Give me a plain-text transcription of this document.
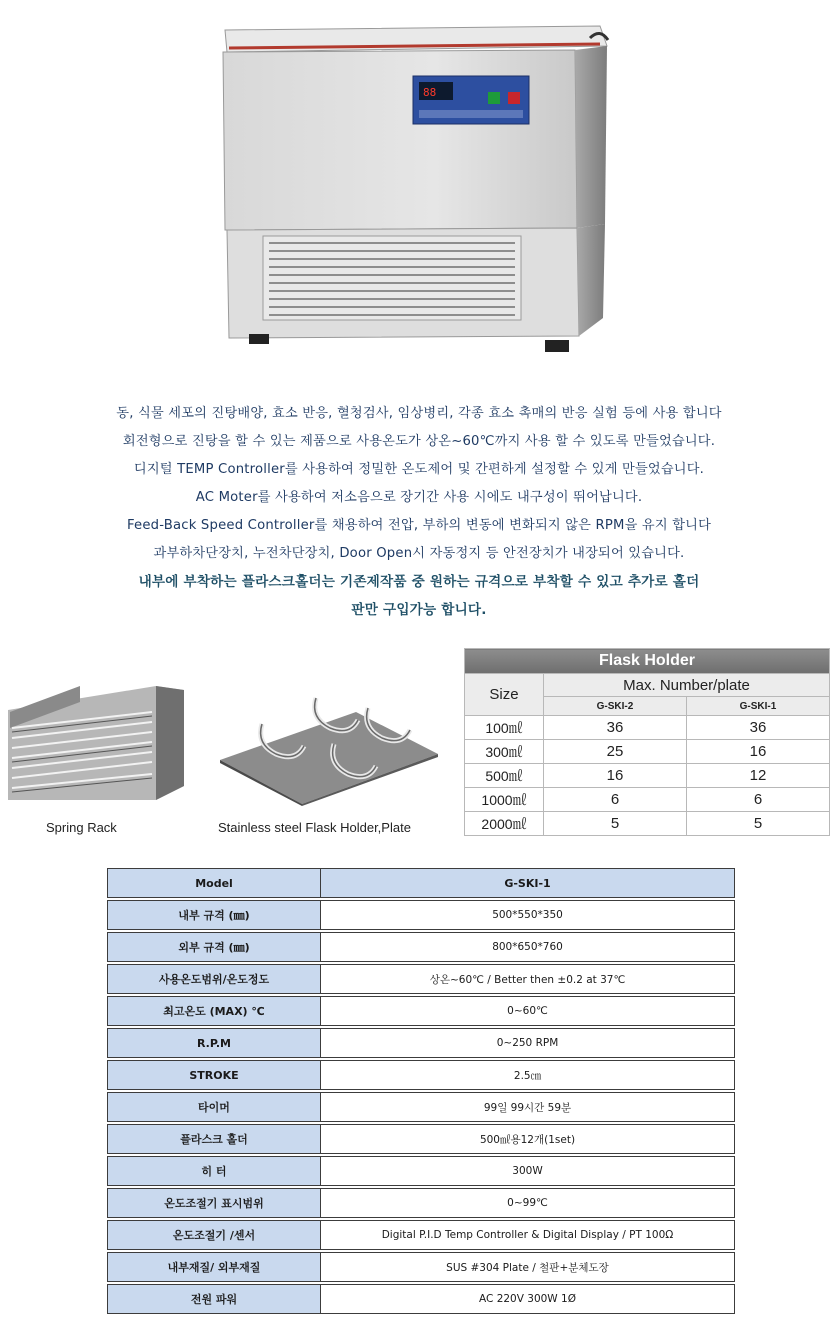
88
동, 식물 세포의 진탕배양, 효소 반응, 혈청검사, 임상병리, 각종 효소 촉매의 반응 실험 등에 사용 합니다
회전형으로 진탕을 할 수 있는 제품으로 사용온도가 상온~60℃까지 사용 할 수 있도록 만들었습니다.
디지털 TEMP Controller를 사용하여 정밀한 온도제어 및 간편하게 설정할 수 있게 만들었습니다.
AC Moter를 사용하여 저소음으로 장기간 사용 시에도 내구성이 뛰어납니다.
Feed-Back Speed Controller를 채용하여 전압, 부하의 변동에 변화되지 않은 RPM을 유지 합니다
과부하차단장치, 누전차단장치, Door Open시 자동정지 등 안전장치가 내장되어 있습니다.
내부에 부착하는 플라스크홀더는 기존제작품 중 원하는 규격으로 부착할 수 있고 추가로 홀더
판만 구입가능 합니다.
Spring Rack	Stainless steel Flask Holder,Plate
Flask Holder		
Size	Max. Number/plate	
	G-SKI-2	G-SKI-1
100㎖	36	36
300㎖	25	16
500㎖	16	12
1000㎖	6	6
2000㎖	5	5
Model	G-SKI-1
내부 규격 (㎜)	500*550*350
외부 규격 (㎜)	800*650*760
사용온도범위/온도정도	상온~60℃ / Better then ±0.2 at 37℃
최고온도 (MAX) ℃	0~60℃
R.P.M	0~250 RPM
STROKE	2.5㎝
타이머	99일 99시간 59분
플라스크 홀더	500㎖용12개(1set)
히 터	300W
온도조절기 표시범위	0~99℃
온도조절기 /센서	Digital P.I.D Temp Controller & Digital Display / PT 100Ω
내부재질/ 외부재질	SUS #304 Plate / 철판+분체도장
전원 파워	AC 220V 300W 1Ø
